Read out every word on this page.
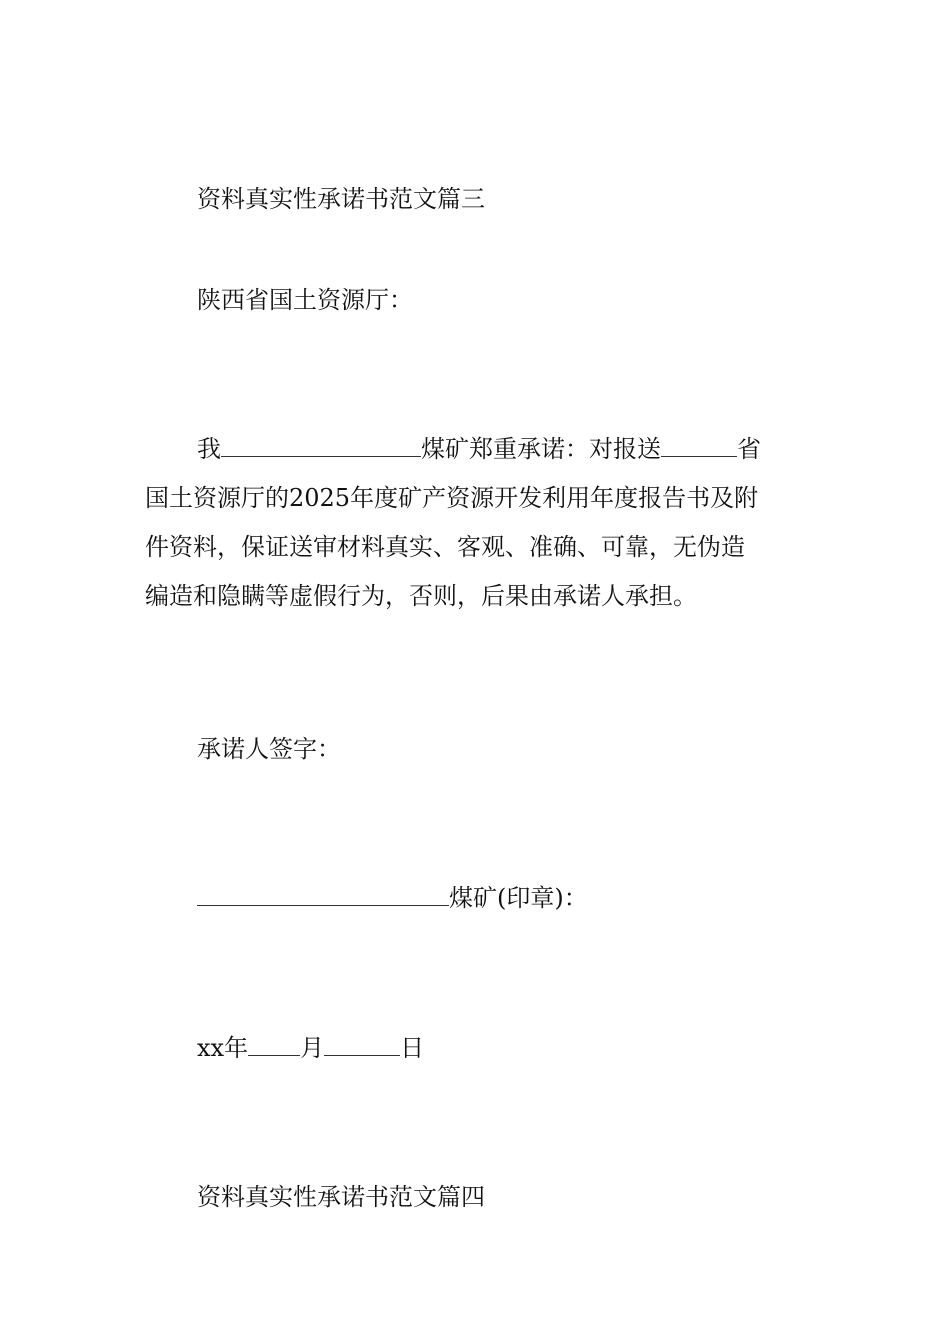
资料真实性承诺书范文篇三

陕西省国土资源厅：

我	煤矿郑重承诺：对报送	省
国土资源厅的2025年度矿产资源开发利用年度报告书及附
件资料，保证送审材料真实、客观、准确、可靠，无伪造
编造和隐瞒等虚假行为，否则，后果由承诺人承担。

承诺人签字：

煤矿(印章)：

xx年 月	日

资料真实性承诺书范文篇四
